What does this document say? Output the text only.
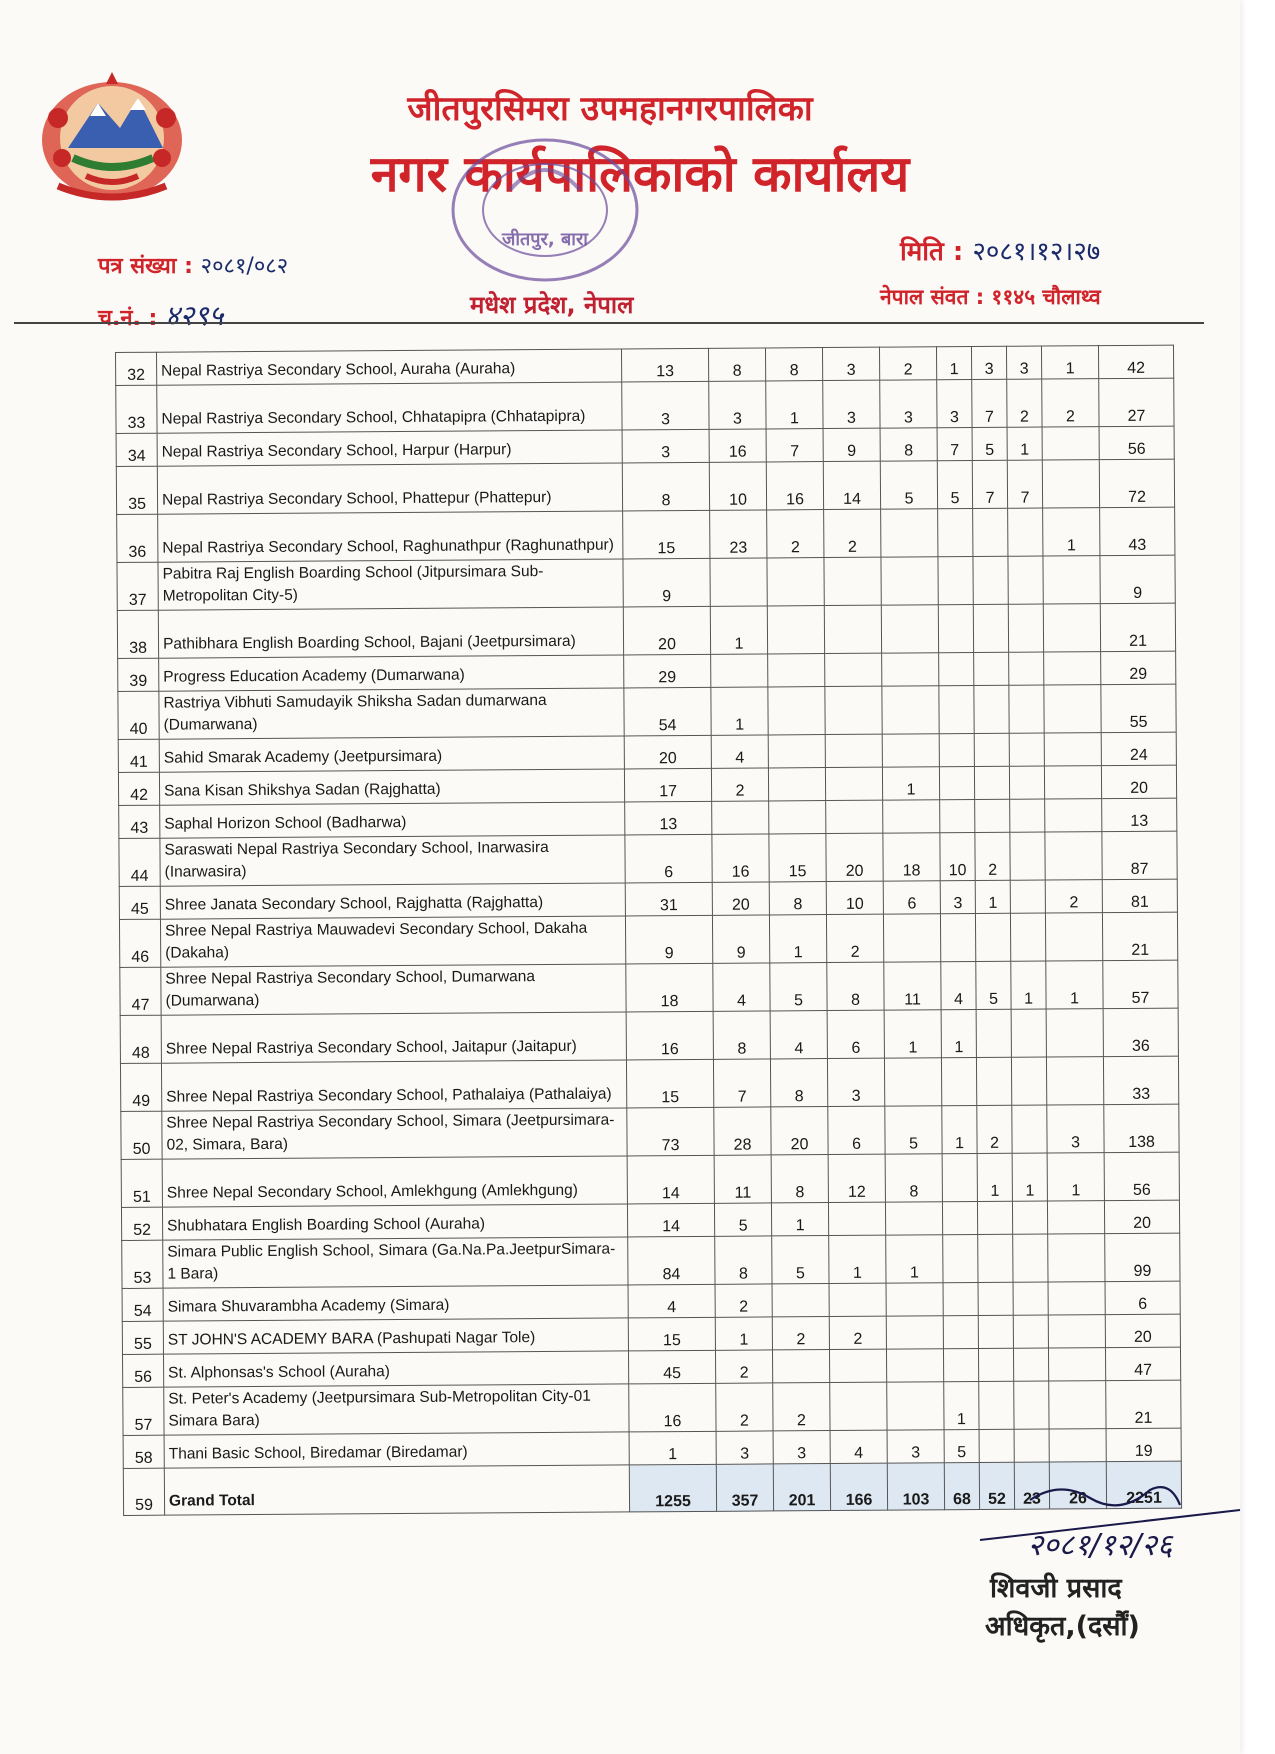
जीतपुरसिमरा उपमहानगरपालिका
नगर कार्यपालिकाको कार्यालय
जीतपुर, बारा
पत्र संख्या : २०८१/०८२
च.नं. : ४२९५	मधेश प्रदेश, नेपाल
मिति : २०८१।१२।२७
नेपाल संवत : ११४५ चौलाथ्व
32	Nepal Rastriya Secondary School, Auraha (Auraha)	13	8	8	3	2	1	3	3	1	42
33	Nepal Rastriya Secondary School, Chhatapipra (Chhatapipra)	3	3	1	3	3	3	7	2	2	27
34	Nepal Rastriya Secondary School, Harpur (Harpur)	3	16	7	9	8	7	5	1		56
35	Nepal Rastriya Secondary School, Phattepur (Phattepur)	8	10	16	14	5	5	7	7		72
36	Nepal Rastriya Secondary School, Raghunathpur (Raghunathpur)	15	23	2	2					1	43
37	Pabitra Raj English Boarding School (Jitpursimara Sub-Metropolitan City-5)	9									9
38	Pathibhara English Boarding School, Bajani (Jeetpursimara)	20	1								21
39	Progress Education Academy (Dumarwana)	29									29
40	Rastriya Vibhuti Samudayik Shiksha Sadan dumarwana (Dumarwana)	54	1								55
41	Sahid Smarak Academy (Jeetpursimara)	20	4								24
42	Sana Kisan Shikshya Sadan (Rajghatta)	17	2			1					20
43	Saphal Horizon School (Badharwa)	13									13
44	Saraswati Nepal Rastriya Secondary School, Inarwasira (Inarwasira)	6	16	15	20	18	10	2			87
45	Shree Janata Secondary School, Rajghatta (Rajghatta)	31	20	8	10	6	3	1		2	81
46	Shree Nepal Rastriya Mauwadevi Secondary School, Dakaha (Dakaha)	9	9	1	2						21
47	Shree Nepal Rastriya Secondary School, Dumarwana (Dumarwana)	18	4	5	8	11	4	5	1	1	57
48	Shree Nepal Rastriya Secondary School, Jaitapur (Jaitapur)	16	8	4	6	1	1				36
49	Shree Nepal Rastriya Secondary School, Pathalaiya (Pathalaiya)	15	7	8	3						33
50	Shree Nepal Rastriya Secondary School, Simara (Jeetpursimara-02, Simara, Bara)	73	28	20	6	5	1	2		3	138
51	Shree Nepal Secondary School, Amlekhgung (Amlekhgung)	14	11	8	12	8		1	1	1	56
52	Shubhatara English Boarding School (Auraha)	14	5	1							20
53	Simara Public English School, Simara (Ga.Na.Pa.JeetpurSimara-1 Bara)	84	8	5	1	1					99
54	Simara Shuvarambha Academy (Simara)	4	2								6
55	ST JOHN'S ACADEMY BARA (Pashupati Nagar Tole)	15	1	2	2						20
56	St. Alphonsas's School (Auraha)	45	2								47
57	St. Peter's Academy (Jeetpursimara Sub-Metropolitan City-01 Simara Bara)	16	2	2			1				21
58	Thani Basic School, Biredamar (Biredamar)	1	3	3	4	3	5				19
59	Grand Total	1255	357	201	166	103	68	52	23	26	2251
२०८१/१२/२६
शिवजी प्रसाद
अधिकृत,(दर्सौं)
